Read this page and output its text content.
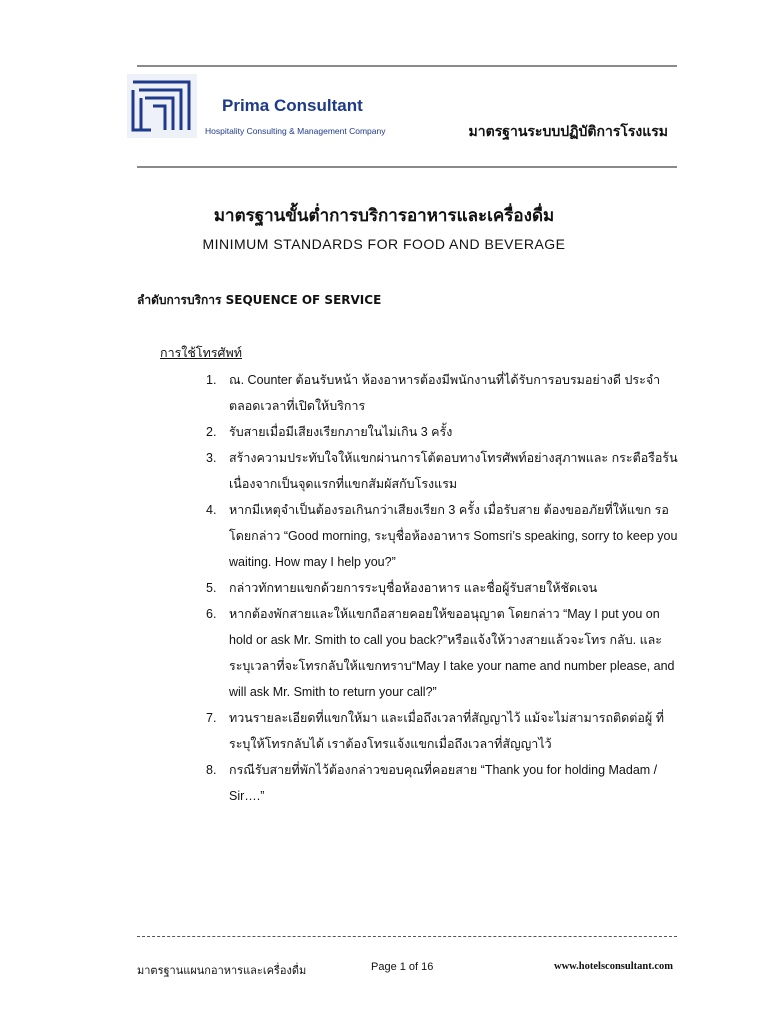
Prima Consultant
Hospitality Consulting & Management Company	มาตรฐานระบบปฏิบัติการโรงแรม
มาตรฐานขั้นต่ำการบริการอาหารและเครื่องดื่ม
MINIMUM STANDARDS FOR FOOD AND BEVERAGE
ลำดับการบริการ SEQUENCE OF SERVICE
การใช้โทรศัพท์
1. ณ. Counter ต้อนรับหน้า ห้องอาหารต้องมีพนักงานที่ได้รับการอบรมอย่างดี ประจำตลอดเวลาที่เปิดให้บริการ
2. รับสายเมื่อมีเสียงเรียกภายในไม่เกิน 3 ครั้ง
3. สร้างความประทับใจให้แขกผ่านการโต้ตอบทางโทรศัพท์อย่างสุภาพและ กระตือรือร้น เนื่องจากเป็นจุดแรกที่แขกสัมผัสกับโรงแรม
4. หากมีเหตุจำเป็นต้องรอเกินกว่าเสียงเรียก 3 ครั้ง เมื่อรับสาย ต้องขออภัยที่ให้แขก รอโดยกล่าว “Good morning, ระบุชื่อห้องอาหาร Somsri’s speaking, sorry to keep you waiting. How may I help you?”
5. กล่าวทักทายแขกด้วยการระบุชื่อห้องอาหาร และชื่อผู้รับสายให้ชัดเจน
6. หากต้องพักสายและให้แขกถือสายคอยให้ขออนุญาต โดยกล่าว “May I put you on hold or ask Mr. Smith to call you back?”หรือแจ้งให้วางสายแล้วจะโทร กลับ. และระบุเวลาที่จะโทรกลับให้แขกทราบ“May I take your name and number please, and will ask Mr. Smith to return your call?”
7. ทวนรายละเอียดที่แขกให้มา และเมื่อถึงเวลาที่สัญญาไว้ แม้จะไม่สามารถติดต่อผู้ ที่ระบุให้โทรกลับได้ เราต้องโทรแจ้งแขกเมื่อถึงเวลาที่สัญญาไว้
8. กรณีรับสายที่พักไว้ต้องกล่าวขอบคุณที่คอยสาย “Thank you for holding Madam / Sir….”
มาตรฐานแผนกอาหารและเครื่องดื่ม	Page 1 of 16	www.hotelsconsultant.com
